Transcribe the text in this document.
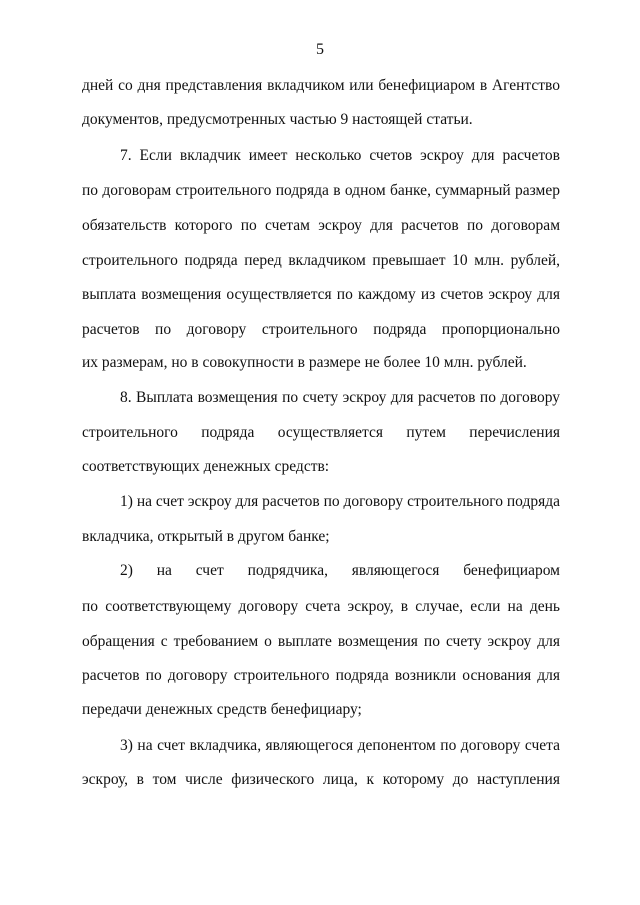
5
дней со дня представления вкладчиком или бенефициаром в Агентство
документов, предусмотренных частью 9 настоящей статьи.
7. Если вкладчик имеет несколько счетов эскроу для расчетов
по договорам строительного подряда в одном банке, суммарный размер
обязательств которого по счетам эскроу для расчетов по договорам
строительного подряда перед вкладчиком превышает 10 млн. рублей,
выплата возмещения осуществляется по каждому из счетов эскроу для
расчетов по договору строительного подряда пропорционально
их размерам, но в совокупности в размере не более 10 млн. рублей.
8. Выплата возмещения по счету эскроу для расчетов по договору
строительного подряда осуществляется путем перечисления
соответствующих денежных средств:
1) на счет эскроу для расчетов по договору строительного подряда
вкладчика, открытый в другом банке;
2) на счет подрядчика, являющегося бенефициаром
по соответствующему договору счета эскроу, в случае, если на день
обращения с требованием о выплате возмещения по счету эскроу для
расчетов по договору строительного подряда возникли основания для
передачи денежных средств бенефициару;
3) на счет вкладчика, являющегося депонентом по договору счета
эскроу, в том числе физического лица, к которому до наступления
